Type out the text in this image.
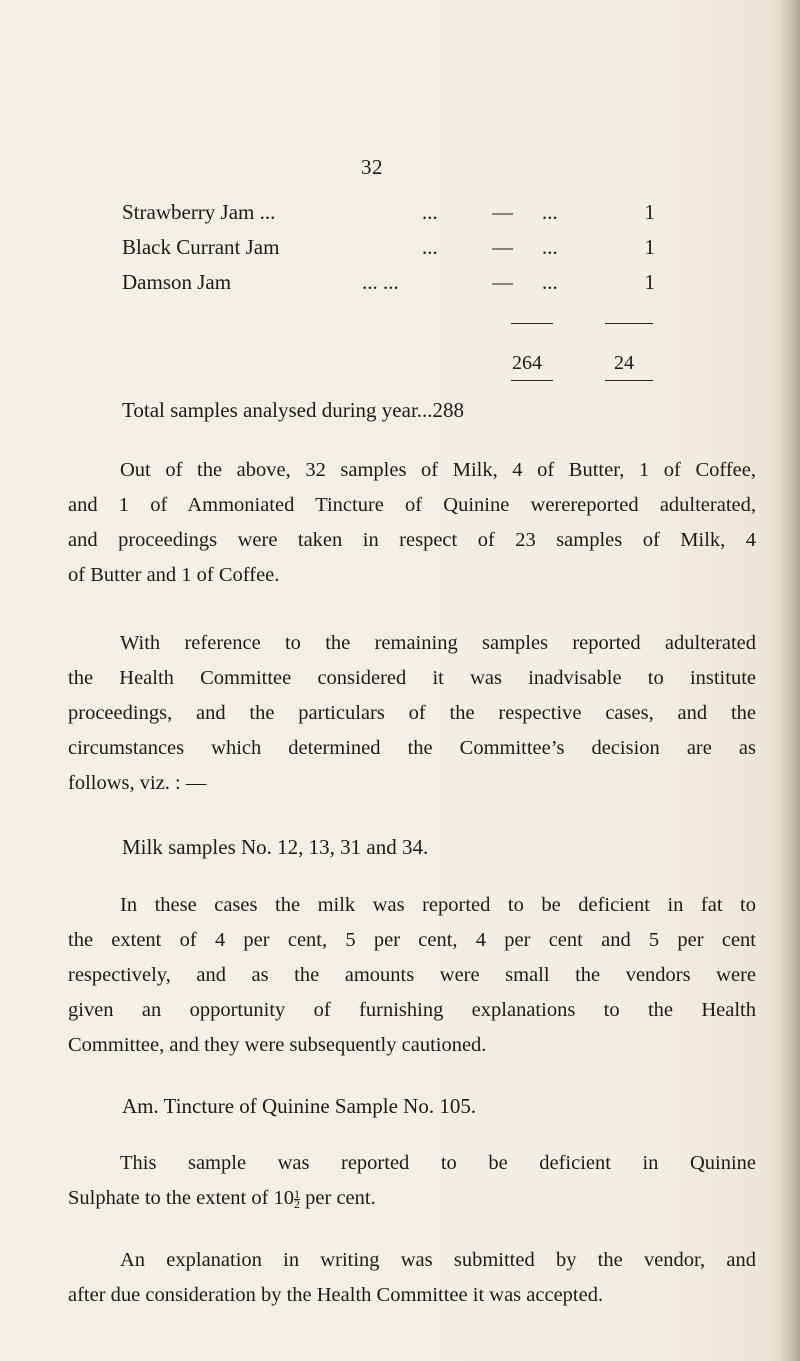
32
Strawberry Jam ...	...	— ...	1
Black Currant Jam	...	— ...	1
Damson Jam	... ...	— ...	1
264	24
Total samples analysed during year...288
Out of the above, 32 samples of Milk, 4 of Butter, 1 of Coffee,
and 1 of Ammoniated Tincture of Quinine werereported adulterated,
and proceedings were taken in respect of 23 samples of Milk, 4
of Butter and 1 of Coffee.
With reference to the remaining samples reported adulterated
the Health Committee considered it was inadvisable to institute
proceedings, and the particulars of the respective cases, and the
circumstances which determined the Committee’s decision are as
follows, viz. : —
Milk samples No. 12, 13, 31 and 34.
In these cases the milk was reported to be deficient in fat to
the extent of 4 per cent, 5 per cent, 4 per cent and 5 per cent
respectively, and as the amounts were small the vendors were
given an opportunity of furnishing explanations to the Health
Committee, and they were subsequently cautioned.
Am. Tincture of Quinine Sample No. 105.
This sample was reported to be deficient in Quinine
Sulphate to the extent of $10 \frac{1}{2}$ per cent.
An explanation in writing was submitted by the vendor, and
after due consideration by the Health Committee it was accepted.
